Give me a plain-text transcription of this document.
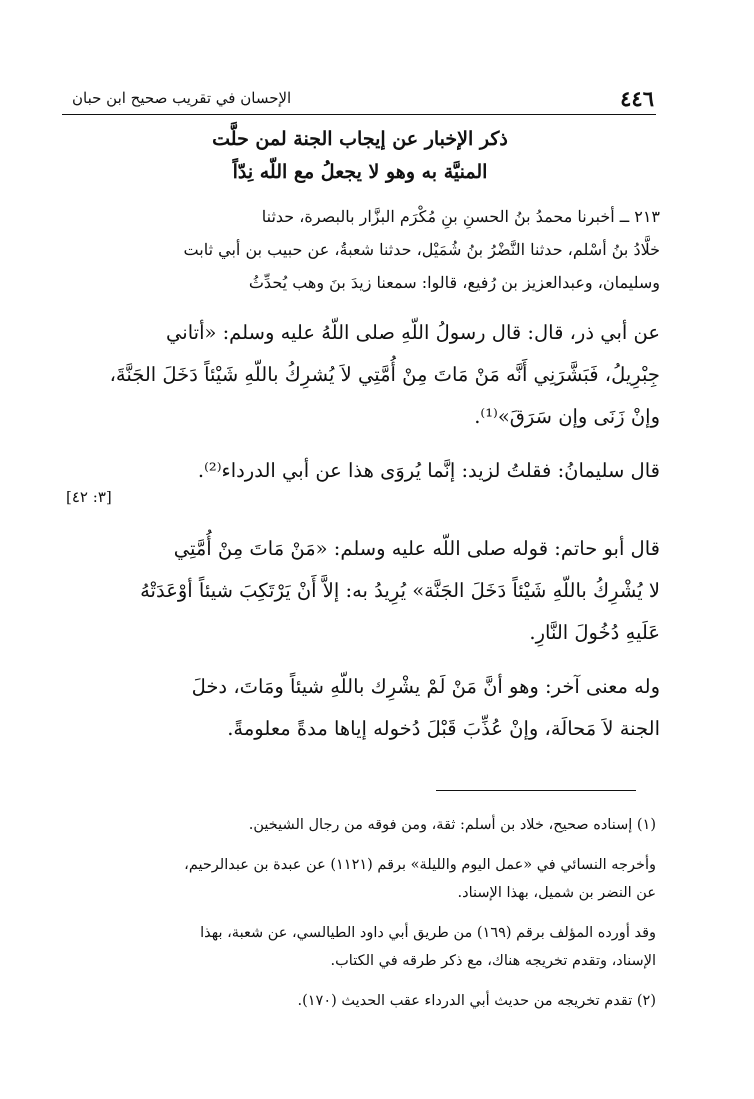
٤٤٦
الإحسان في تقريب صحيح ابن حبان
ذكر الإخبار عن إيجاب الجنة لمن حلَّت
المنيَّة به وهو لا يجعلُ مع اللّه نِدّاً
٢١٣ ــ أخبرنا محمدُ بنُ الحسنِ بنِ مُكْرَم البزَّار بالبصرة، حدثنا
خلَّادُ بنُ أسْلم، حدثنا النَّضْرُ بنُ شُمَيْل، حدثنا شعبةُ، عن حبيب بن أبي ثابت
وسليمان، وعبدالعزيز بن رُفيع، قالوا: سمعنا زيدَ بنَ وهب يُحدِّثُ
عن أبي ذر، قال: قال رسولُ اللّهِ صلى اللّهُ عليه وسلم: «أتاني
جِبْرِيلُ، فَبَشَّرَنِي أَنَّه مَنْ مَاتَ مِنْ أُمَّتِي لاَ يُشرِكُ باللّهِ شَيْئاً دَخَلَ الجَنَّةَ،
وإنْ زَنَى وإن سَرَقَ»⁽¹⁾.
قال سليمانُ: فقلتُ لزيد: إنَّما يُروَى هذا عن أبي الدرداء⁽²⁾.
[٣: ٤٢]
قال أبو حاتم: قوله صلى اللّه عليه وسلم: «مَنْ مَاتَ مِنْ أُمَّتِي
لا يُشْرِكُ باللّهِ شَيْئاً دَخَلَ الجَنَّة» يُرِيدُ به: إلاَّ أَنْ يَرْتَكِبَ شيئاً أوْعَدَتْهُ
عَلَيهِ دُخُولَ النَّارِ.
وله معنى آخر: وهو أنَّ مَنْ لَمْ يشْرِك باللّهِ شيئاً ومَاتَ، دخلَ
الجنة لاَ مَحالَة، وإنْ عُذِّبَ قَبْلَ دُخوله إياها مدةً معلومةً.
(١) إسناده صحيح، خلاد بن أسلم: ثقة، ومن فوقه من رجال الشيخين.
وأخرجه النسائي في «عمل اليوم والليلة» برقم (١١٢١) عن عبدة بن عبدالرحيم،
عن النضر بن شميل، بهذا الإسناد.
وقد أورده المؤلف برقم (١٦٩) من طريق أبي داود الطيالسي، عن شعبة، بهذا
الإسناد، وتقدم تخريجه هناك، مع ذكر طرقه في الكتاب.
(٢) تقدم تخريجه من حديث أبي الدرداء عقب الحديث (١٧٠).
